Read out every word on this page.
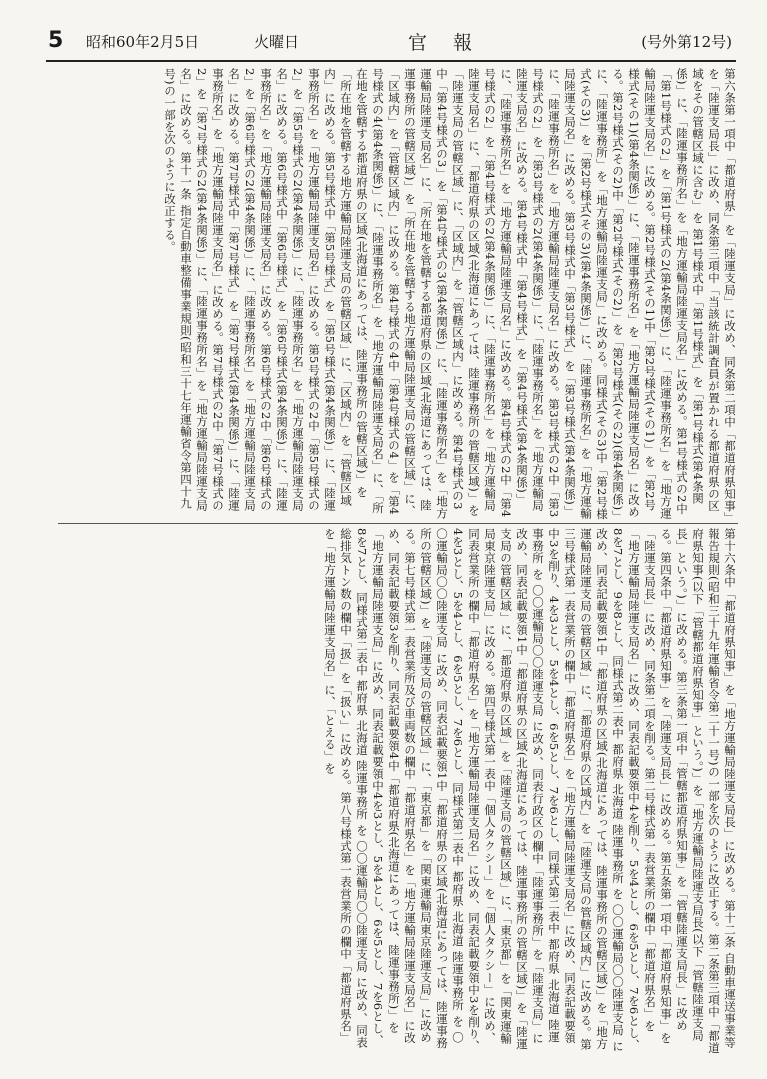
5 昭和60年2月5日	火曜日	官報	(号外第12号)
第六条第一項中「都道府県」を「陸運支局」に改め、同条第二項中「都道府県知事」を「陸運支局長」に改め、同条第三項中「当該統計調査員が置かれる都道府県の区域をその管轄区域に含む」を 第1号様式中「第1号様式」を「第1号様式(第4条関係)」に、「陸運事務所名」を「地方運輸局陸運支局名」に改める。第1号様式の2中「第1号様式の2」を「第1号様式の2(第4条関係)」に、「陸運事務所名」を「地方運輸局陸運支局名」に改める。第2号様式(その1)中「第2号様式(その1)」を「第2号様式(その1)(第4条関係)」に、「陸運事務所名」を「地方運輸局陸運支局名」に改める。第2号様式(その2)中「第2号様式(その2)」を「第2号様式(その2)(第4条関係)」に、「陸運事務所」を「地方運輸局陸運支局」に改める。同様式(その3)中「第2号様式(その3)」を「第2号様式(その3)(第4条関係)」に、「陸運事務所名」を「地方運輸局陸運支局名」に改める。第3号様式中「第3号様式」を「第3号様式(第4条関係)」に、「陸運事務所名」を「地方運輸局陸運支局名」に改める。第3号様式の2中「第3号様式の2」を「第3号様式の2(第4条関係)」に、「陸運事務所名」を「地方運輸局陸運支局名」に改める。第4号様式中「第4号様式」を「第4号様式(第4条関係)」に、「陸運事務所名」を「地方運輸局陸運支局名」に改める。第4号様式の2中「第4号様式の2」を「第4号様式の2(第4条関係)」に、「陸運事務所名」を「地方運輸局陸運支局名」に、「都道府県の区域(北海道にあっては、陸運事務所の管轄区域)」を「陸運支局の管轄区域」に、「区域内」を「管轄区域内」に改める。第4号様式の3中「第4号様式の3」を「第4号様式の3(第4条関係)」に、「陸運事務所名」を「地方運輸局陸運支局名」に、「所在地を管轄する都道府県の区域(北海道にあっては、陸運事務所の管轄区域)」を「所在地を管轄する地方運輸局陸運支局の管轄区域」に、「区域内」を「管轄区域内」に改める。第4号様式の4中「第4号様式の4」を「第4号様式の4(第4条関係)」に、「陸運事務所名」を「地方運輸局陸運支局名」に、「所在地を管轄する都道府県の区域(北海道にあっては、陸運事務所の管轄区域)」を「所在地を管轄する地方運輸局陸運支局の管轄区域」に、「区域内」を「管轄区域内」に改める。第5号様式中「第5号様式」を「第5号様式(第4条関係)」に、「陸運事務所名」を「地方運輸局陸運支局名」に改める。第5号様式の2中「第5号様式の2」を「第5号様式の2(第4条関係)」に、「陸運事務所名」を「地方運輸局陸運支局名」に改める。第6号様式中「第6号様式」を「第6号様式(第4条関係)」に、「陸運事務所名」を「地方運輸局陸運支局名」に改める。第6号様式の2中「第6号様式の2」を「第6号様式の2(第4条関係)」に、「陸運事務所名」を「地方運輸局陸運支局名」に改める。第7号様式中「第7号様式」を「第7号様式(第4条関係)」に、「陸運事務所名」を「地方運輸局陸運支局名」に改める。第7号様式の2中「第7号様式の2」を「第7号様式の2(第4条関係)」に、「陸運事務所名」を「地方運輸局陸運支局名」に改める。第十一条 指定自動車整備事業規則(昭和三十七年運輸省令第四十九号)の一部を次のように改正する。
第十六条中「都道府県知事」を「地方運輸局陸運支局長」に改める。第十二条 自動車運送事業等報告規則(昭和三十九年運輸省令第二十一号)の一部を次のように改正する。第二条第三項中「都道府県知事(以下「管轄都道府県知事」という。)」を「地方運輸局陸運支局長(以下「管轄陸運支局長」という。)」に改める。第三条第一項中「管轄都道府県知事」を「管轄陸運支局長」に改める。第四条中「都道府県知事」を「陸運支局長」に改める。第五条第一項中「都道府県知事」を「陸運支局長」に改め、同条第二項を削る。第二号様式第一表営業所の欄中「都道府県名」を「地方運輸局陸運支局名」に改め、同表記載要領中4を削り、5を4とし、6を5とし、7を6とし、8を7とし、9を8とし、同様式第二表中 都府県 北海道 陸運事務所 を 〇〇運輸局〇〇陸運支局 に改め、同表記載要領1中「都道府県の区域(北海道にあっては、陸運事務所の管轄区域)」を「地方運輸局陸運支局の管轄区域」に、「都道府県の区域内」を「陸運支局の管轄区域内」に改める。第三号様式第一表営業所の欄中「都道府県名」を「地方運輸局陸運支局名」に改め、同表記載要領中3を削り、4を3とし、5を4とし、6を5とし、7を6とし、同様式第二表中 都府県 北海道 陸運事務所 を 〇〇運輸局〇〇陸運支局 に改め、同表行政区の欄中「陸運事務所」を「陸運支局」に改め、同表記載要領1中「都道府県の区域(北海道にあっては、陸運事務所の管轄区域)」を「陸運支局の管轄区域」に、「都道府県の区域」を「陸運支局の管轄区域」に、「東京都」を「関東運輸局東京陸運支局」に改める。第四号様式第一表中「個人タクシー」を「個人タクシー」に改め、同表営業所の欄中「都道府県名」を「地方運輸局陸運支局名」に改め、同表記載要領中3を削り、4を3とし、5を4とし、6を5とし、7を6とし、同様式第二表中 都府県 北海道 陸運事務所 を 〇〇運輸局〇〇陸運支局 に改め、同表記載要領1中「都道府県の区域(北海道にあっては、陸運事務所の管轄区域)」を「陸運支局の管轄区域」に、「東京都」を「関東運輸局東京陸運支局」に改める。第七号様式第一表営業所及び車両数の欄中「都道府県名」を「地方運輸局陸運支局名」に改め、同表記載要領3を削り、同表記載要領4中「都道府県(北海道にあっては、陸運事務所)」を「地方運輸局陸運支局」に改め、同表記載要領中4を3とし、5を4とし、6を5とし、7を6とし、8を7とし、同様式第二表中 都府県 北海道 陸運事務所 を 〇〇運輸局〇〇陸運支局 に改め、同表総排気トン数の欄中「扱」を「扱い」に改める。第八号様式第一表営業所の欄中「都道府県名」を「地方運輸局陸運支局名」に、「とえる」を
